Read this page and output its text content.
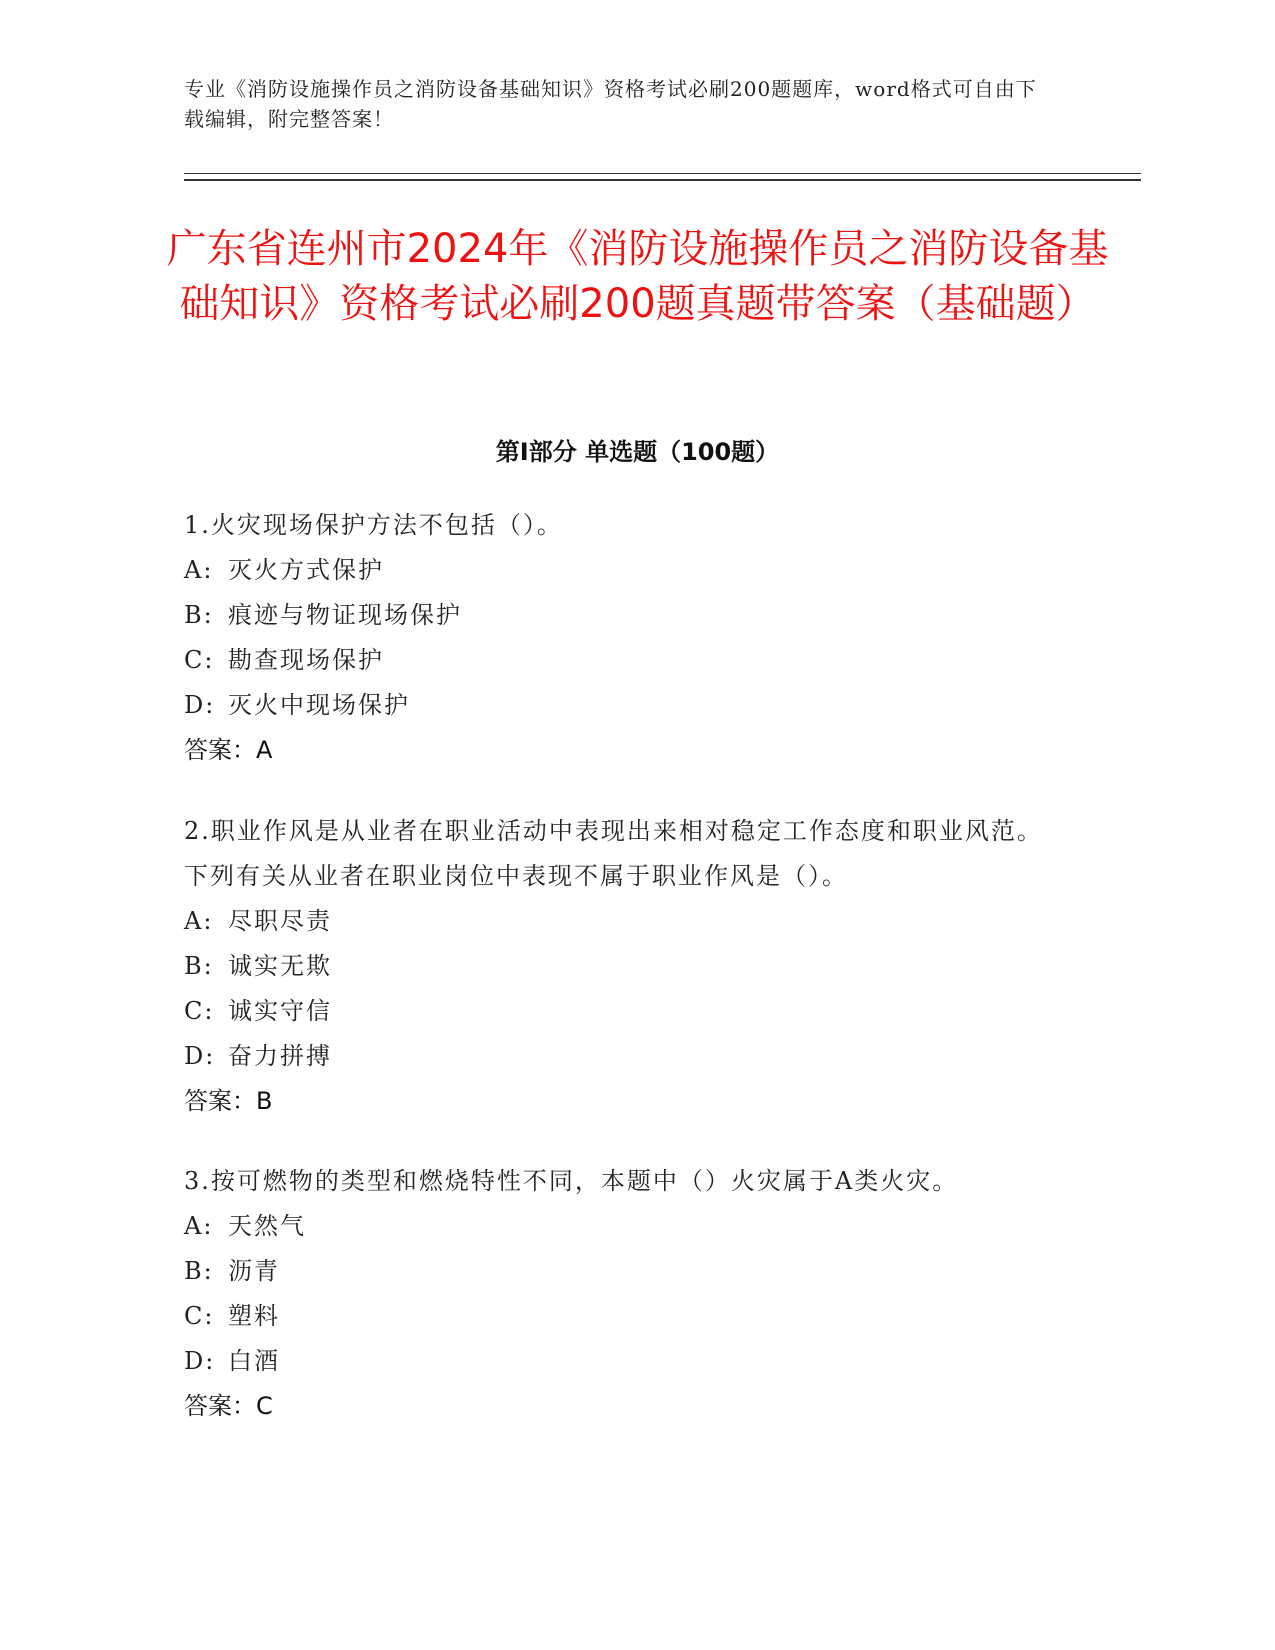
专业《消防设施操作员之消防设备基础知识》资格考试必刷200题题库，word格式可自由下载编辑，附完整答案！
广东省连州市2024年《消防设施操作员之消防设备基础知识》资格考试必刷200题真题带答案（基础题）
第I部分 单选题（100题）

1.火灾现场保护方法不包括（）。

A: 灭火方式保护

B: 痕迹与物证现场保护

C: 勘查现场保护

D: 灭火中现场保护

答案：A

2.职业作风是从业者在职业活动中表现出来相对稳定工作态度和职业风范。下列有关从业者在职业岗位中表现不属于职业作风是（）。

A: 尽职尽责

B: 诚实无欺

C: 诚实守信

D: 奋力拼搏

答案：B

3.按可燃物的类型和燃烧特性不同，本题中（）火灾属于A类火灾。

A: 天然气

B: 沥青

C: 塑料

D: 白酒

答案：C
